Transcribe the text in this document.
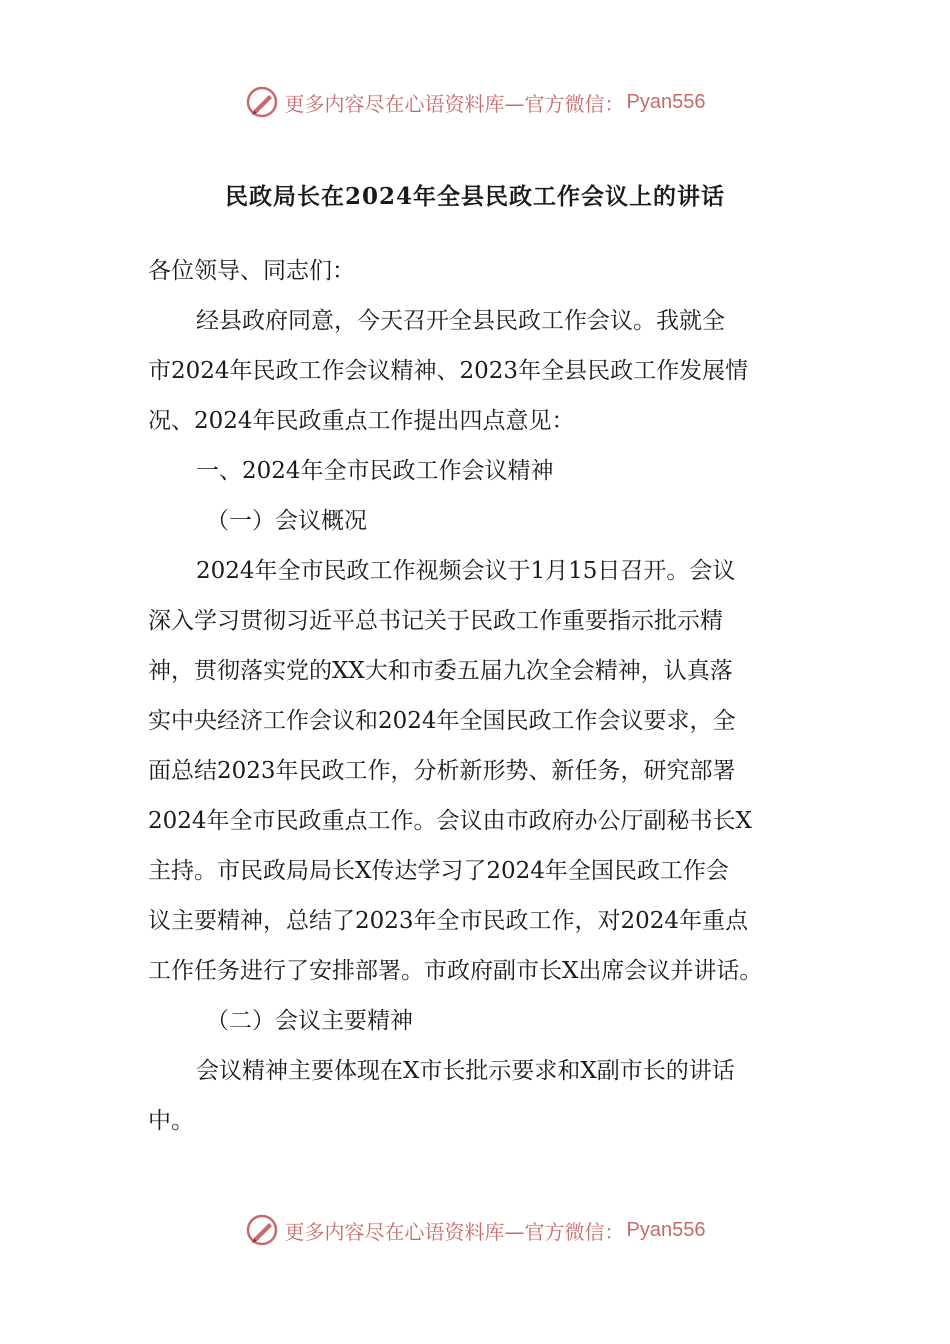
更多内容尽在心语资料库—官方微信： Pyan556
民政局长在2024年全县民政工作会议上的讲话

各位领导、同志们：

经县政府同意，今天召开全县民政工作会议。我就全

市2024年民政工作会议精神、2023年全县民政工作发展情

况、2024年民政重点工作提出四点意见：

一、2024年全市民政工作会议精神

（一）会议概况

2024年全市民政工作视频会议于1月15日召开。会议

深入学习贯彻习近平总书记关于民政工作重要指示批示精

神，贯彻落实党的XX大和市委五届九次全会精神，认真落

实中央经济工作会议和2024年全国民政工作会议要求，全

面总结2023年民政工作，分析新形势、新任务，研究部署

2024年全市民政重点工作。会议由市政府办公厅副秘书长X

主持。市民政局局长X传达学习了2024年全国民政工作会

议主要精神，总结了2023年全市民政工作，对2024年重点

工作任务进行了安排部署。市政府副市长X出席会议并讲话。

（二）会议主要精神

会议精神主要体现在X市长批示要求和X副市长的讲话

中。

更多内容尽在心语资料库—官方微信： Pyan556
